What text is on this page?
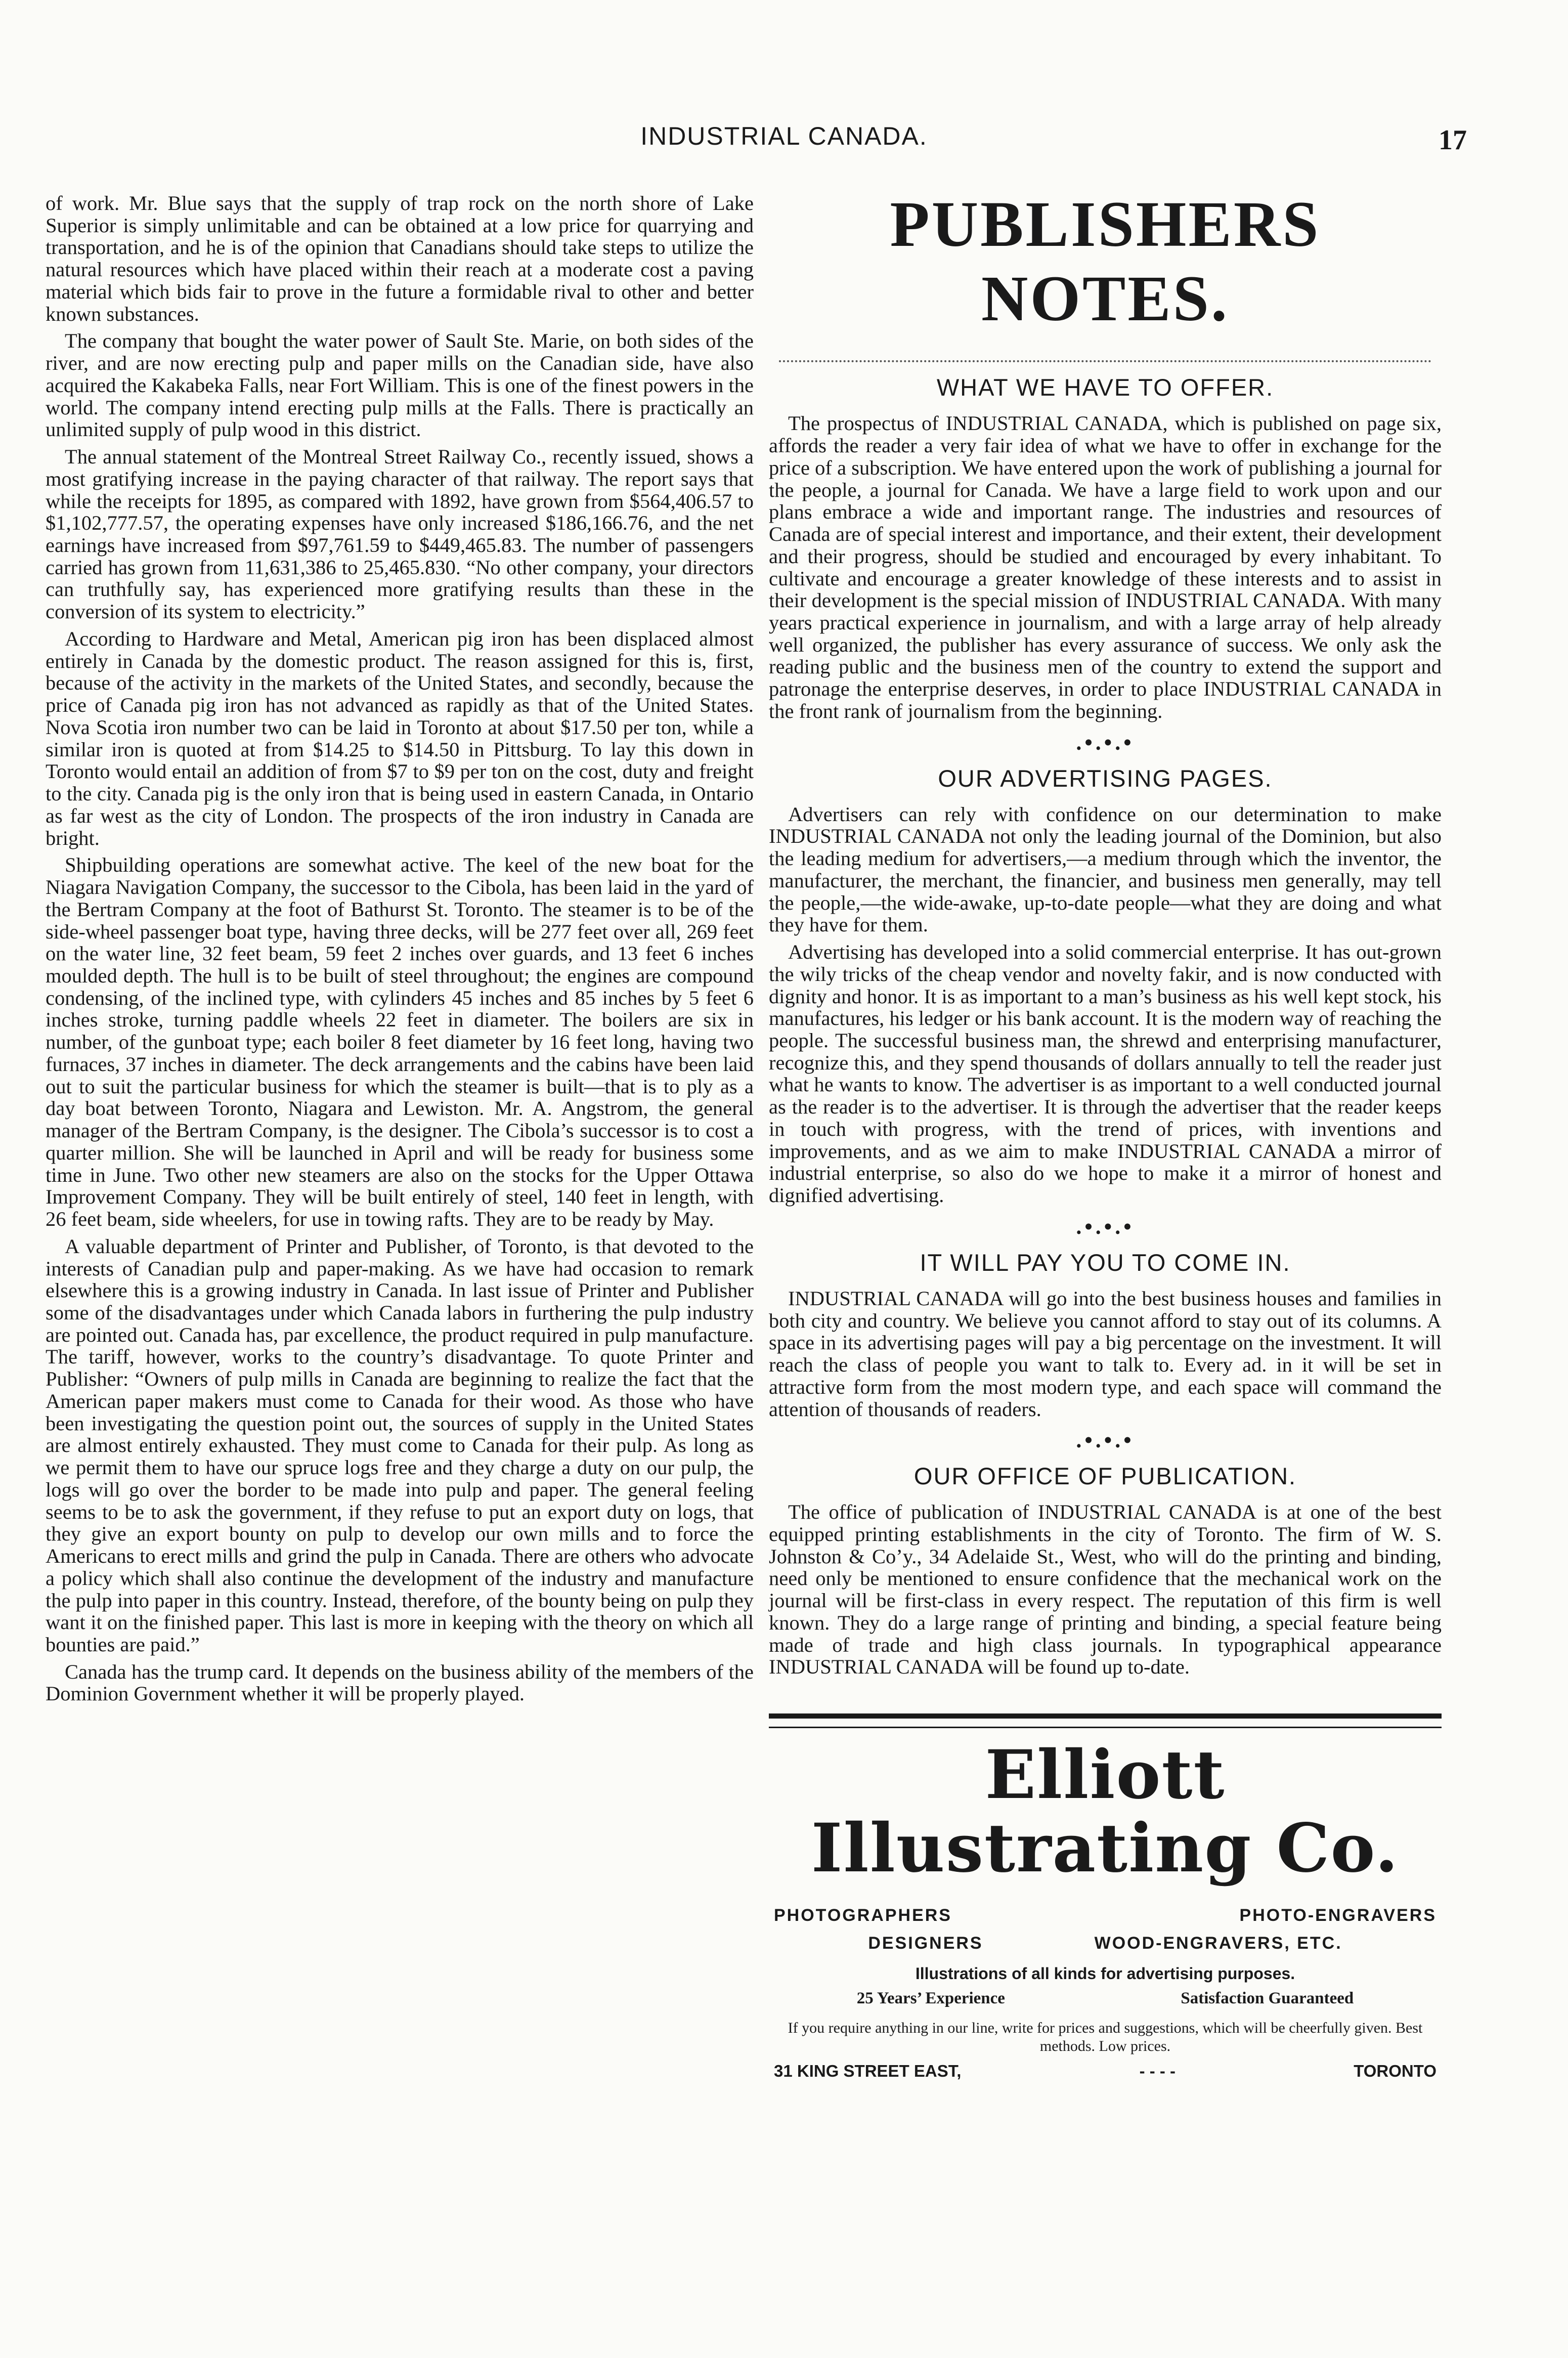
INDUSTRIAL CANADA.	17

of work. Mr. Blue says that the supply of trap rock on the north shore of Lake Superior is simply unlimitable and can be obtained at a low price for quarrying and transportation, and he is of the opinion that Canadians should take steps to utilize the natural resources which have placed within their reach at a moderate cost a paving material which bids fair to prove in the future a formidable rival to other and better known substances.

The company that bought the water power of Sault Ste. Marie, on both sides of the river, and are now erecting pulp and paper mills on the Canadian side, have also acquired the Kakabeka Falls, near Fort William. This is one of the finest powers in the world. The company intend erecting pulp mills at the Falls. There is practically an unlimited supply of pulp wood in this district.

The annual statement of the Montreal Street Railway Co., recently issued, shows a most gratifying increase in the paying character of that railway. The report says that while the receipts for 1895, as compared with 1892, have grown from $564,406.57 to $1,102,777.57, the operating expenses have only increased $186,166.76, and the net earnings have increased from $97,761.59 to $449,465.83. The number of passengers carried has grown from 11,631,386 to 25,465.830. “No other company, your directors can truthfully say, has experienced more gratifying results than these in the conversion of its system to electricity.”

According to Hardware and Metal, American pig iron has been displaced almost entirely in Canada by the domestic product. The reason assigned for this is, first, because of the activity in the markets of the United States, and secondly, because the price of Canada pig iron has not advanced as rapidly as that of the United States. Nova Scotia iron number two can be laid in Toronto at about $17.50 per ton, while a similar iron is quoted at from $14.25 to $14.50 in Pittsburg. To lay this down in Toronto would entail an addition of from $7 to $9 per ton on the cost, duty and freight to the city. Canada pig is the only iron that is being used in eastern Canada, in Ontario as far west as the city of London. The prospects of the iron industry in Canada are bright.

Shipbuilding operations are somewhat active. The keel of the new boat for the Niagara Navigation Company, the successor to the Cibola, has been laid in the yard of the Bertram Company at the foot of Bathurst St. Toronto. The steamer is to be of the side-wheel passenger boat type, having three decks, will be 277 feet over all, 269 feet on the water line, 32 feet beam, 59 feet 2 inches over guards, and 13 feet 6 inches moulded depth. The hull is to be built of steel throughout; the engines are compound condensing, of the inclined type, with cylinders 45 inches and 85 inches by 5 feet 6 inches stroke, turning paddle wheels 22 feet in diameter. The boilers are six in number, of the gunboat type; each boiler 8 feet diameter by 16 feet long, having two furnaces, 37 inches in diameter. The deck arrangements and the cabins have been laid out to suit the particular business for which the steamer is built—that is to ply as a day boat between Toronto, Niagara and Lewiston. Mr. A. Angstrom, the general manager of the Bertram Company, is the designer. The Cibola’s successor is to cost a quarter million. She will be launched in April and will be ready for business some time in June. Two other new steamers are also on the stocks for the Upper Ottawa Improvement Company. They will be built entirely of steel, 140 feet in length, with 26 feet beam, side wheelers, for use in towing rafts. They are to be ready by May.

A valuable department of Printer and Publisher, of Toronto, is that devoted to the interests of Canadian pulp and paper-making. As we have had occasion to remark elsewhere this is a growing industry in Canada. In last issue of Printer and Publisher some of the disadvantages under which Canada labors in furthering the pulp industry are pointed out. Canada has, par excellence, the product required in pulp manufacture. The tariff, however, works to the country’s disadvantage. To quote Printer and Publisher: “Owners of pulp mills in Canada are beginning to realize the fact that the American paper makers must come to Canada for their wood. As those who have been investigating the question point out, the sources of supply in the United States are almost entirely exhausted. They must come to Canada for their pulp. As long as we permit them to have our spruce logs free and they charge a duty on our pulp, the logs will go over the border to be made into pulp and paper. The general feeling seems to be to ask the government, if they refuse to put an export duty on logs, that they give an export bounty on pulp to develop our own mills and to force the Americans to erect mills and grind the pulp in Canada. There are others who advocate a policy which shall also continue the development of the industry and manufacture the pulp into paper in this country. Instead, therefore, of the bounty being on pulp they want it on the finished paper. This last is more in keeping with the theory on which all bounties are paid.”

Canada has the trump card. It depends on the business ability of the members of the Dominion Government whether it will be properly played.

PUBLISHERS NOTES.
WHAT WE HAVE TO OFFER.

The prospectus of INDUSTRIAL CANADA, which is published on page six, affords the reader a very fair idea of what we have to offer in exchange for the price of a subscription. We have entered upon the work of publishing a journal for the people, a journal for Canada. We have a large field to work upon and our plans embrace a wide and important range. The industries and resources of Canada are of special interest and importance, and their extent, their development and their progress, should be studied and encouraged by every inhabitant. To cultivate and encourage a greater knowledge of these interests and to assist in their development is the special mission of INDUSTRIAL CANADA. With many years practical experience in journalism, and with a large array of help already well organized, the publisher has every assurance of success. We only ask the reading public and the business men of the country to extend the support and patronage the enterprise deserves, in order to place INDUSTRIAL CANADA in the front rank of journalism from the beginning.

.•.•.•
OUR ADVERTISING PAGES.

Advertisers can rely with confidence on our determination to make INDUSTRIAL CANADA not only the leading journal of the Dominion, but also the leading medium for advertisers,—a medium through which the inventor, the manufacturer, the merchant, the financier, and business men generally, may tell the people,—the wide-awake, up-to-date people—what they are doing and what they have for them.

Advertising has developed into a solid commercial enterprise. It has out-grown the wily tricks of the cheap vendor and novelty fakir, and is now conducted with dignity and honor. It is as important to a man’s business as his well kept stock, his manufactures, his ledger or his bank account. It is the modern way of reaching the people. The successful business man, the shrewd and enterprising manufacturer, recognize this, and they spend thousands of dollars annually to tell the reader just what he wants to know. The advertiser is as important to a well conducted journal as the reader is to the advertiser. It is through the advertiser that the reader keeps in touch with progress, with the trend of prices, with inventions and improvements, and as we aim to make INDUSTRIAL CANADA a mirror of industrial enterprise, so also do we hope to make it a mirror of honest and dignified advertising.

.•.•.•
IT WILL PAY YOU TO COME IN.

INDUSTRIAL CANADA will go into the best business houses and families in both city and country. We believe you cannot afford to stay out of its columns. A space in its advertising pages will pay a big percentage on the investment. It will reach the class of people you want to talk to. Every ad. in it will be set in attractive form from the most modern type, and each space will command the attention of thousands of readers.

.•.•.•
OUR OFFICE OF PUBLICATION.

The office of publication of INDUSTRIAL CANADA is at one of the best equipped printing establishments in the city of Toronto. The firm of W. S. Johnston & Co’y., 34 Adelaide St., West, who will do the printing and binding, need only be mentioned to ensure confidence that the mechanical work on the journal will be first-class in every respect. The reputation of this firm is well known. They do a large range of printing and binding, a special feature being made of trade and high class journals. In typographical appearance INDUSTRIAL CANADA will be found up to-date.

Elliott Illustrating Co.
PHOTOGRAPHERS	PHOTO-ENGRAVERS
DESIGNERS	WOOD-ENGRAVERS, ETC.
Illustrations of all kinds for advertising purposes.
25 Years’ Experience	Satisfaction Guaranteed
If you require anything in our line, write for prices and suggestions, which will be cheerfully given. Best methods. Low prices.
31 KING STREET EAST,	- - - -	TORONTO
